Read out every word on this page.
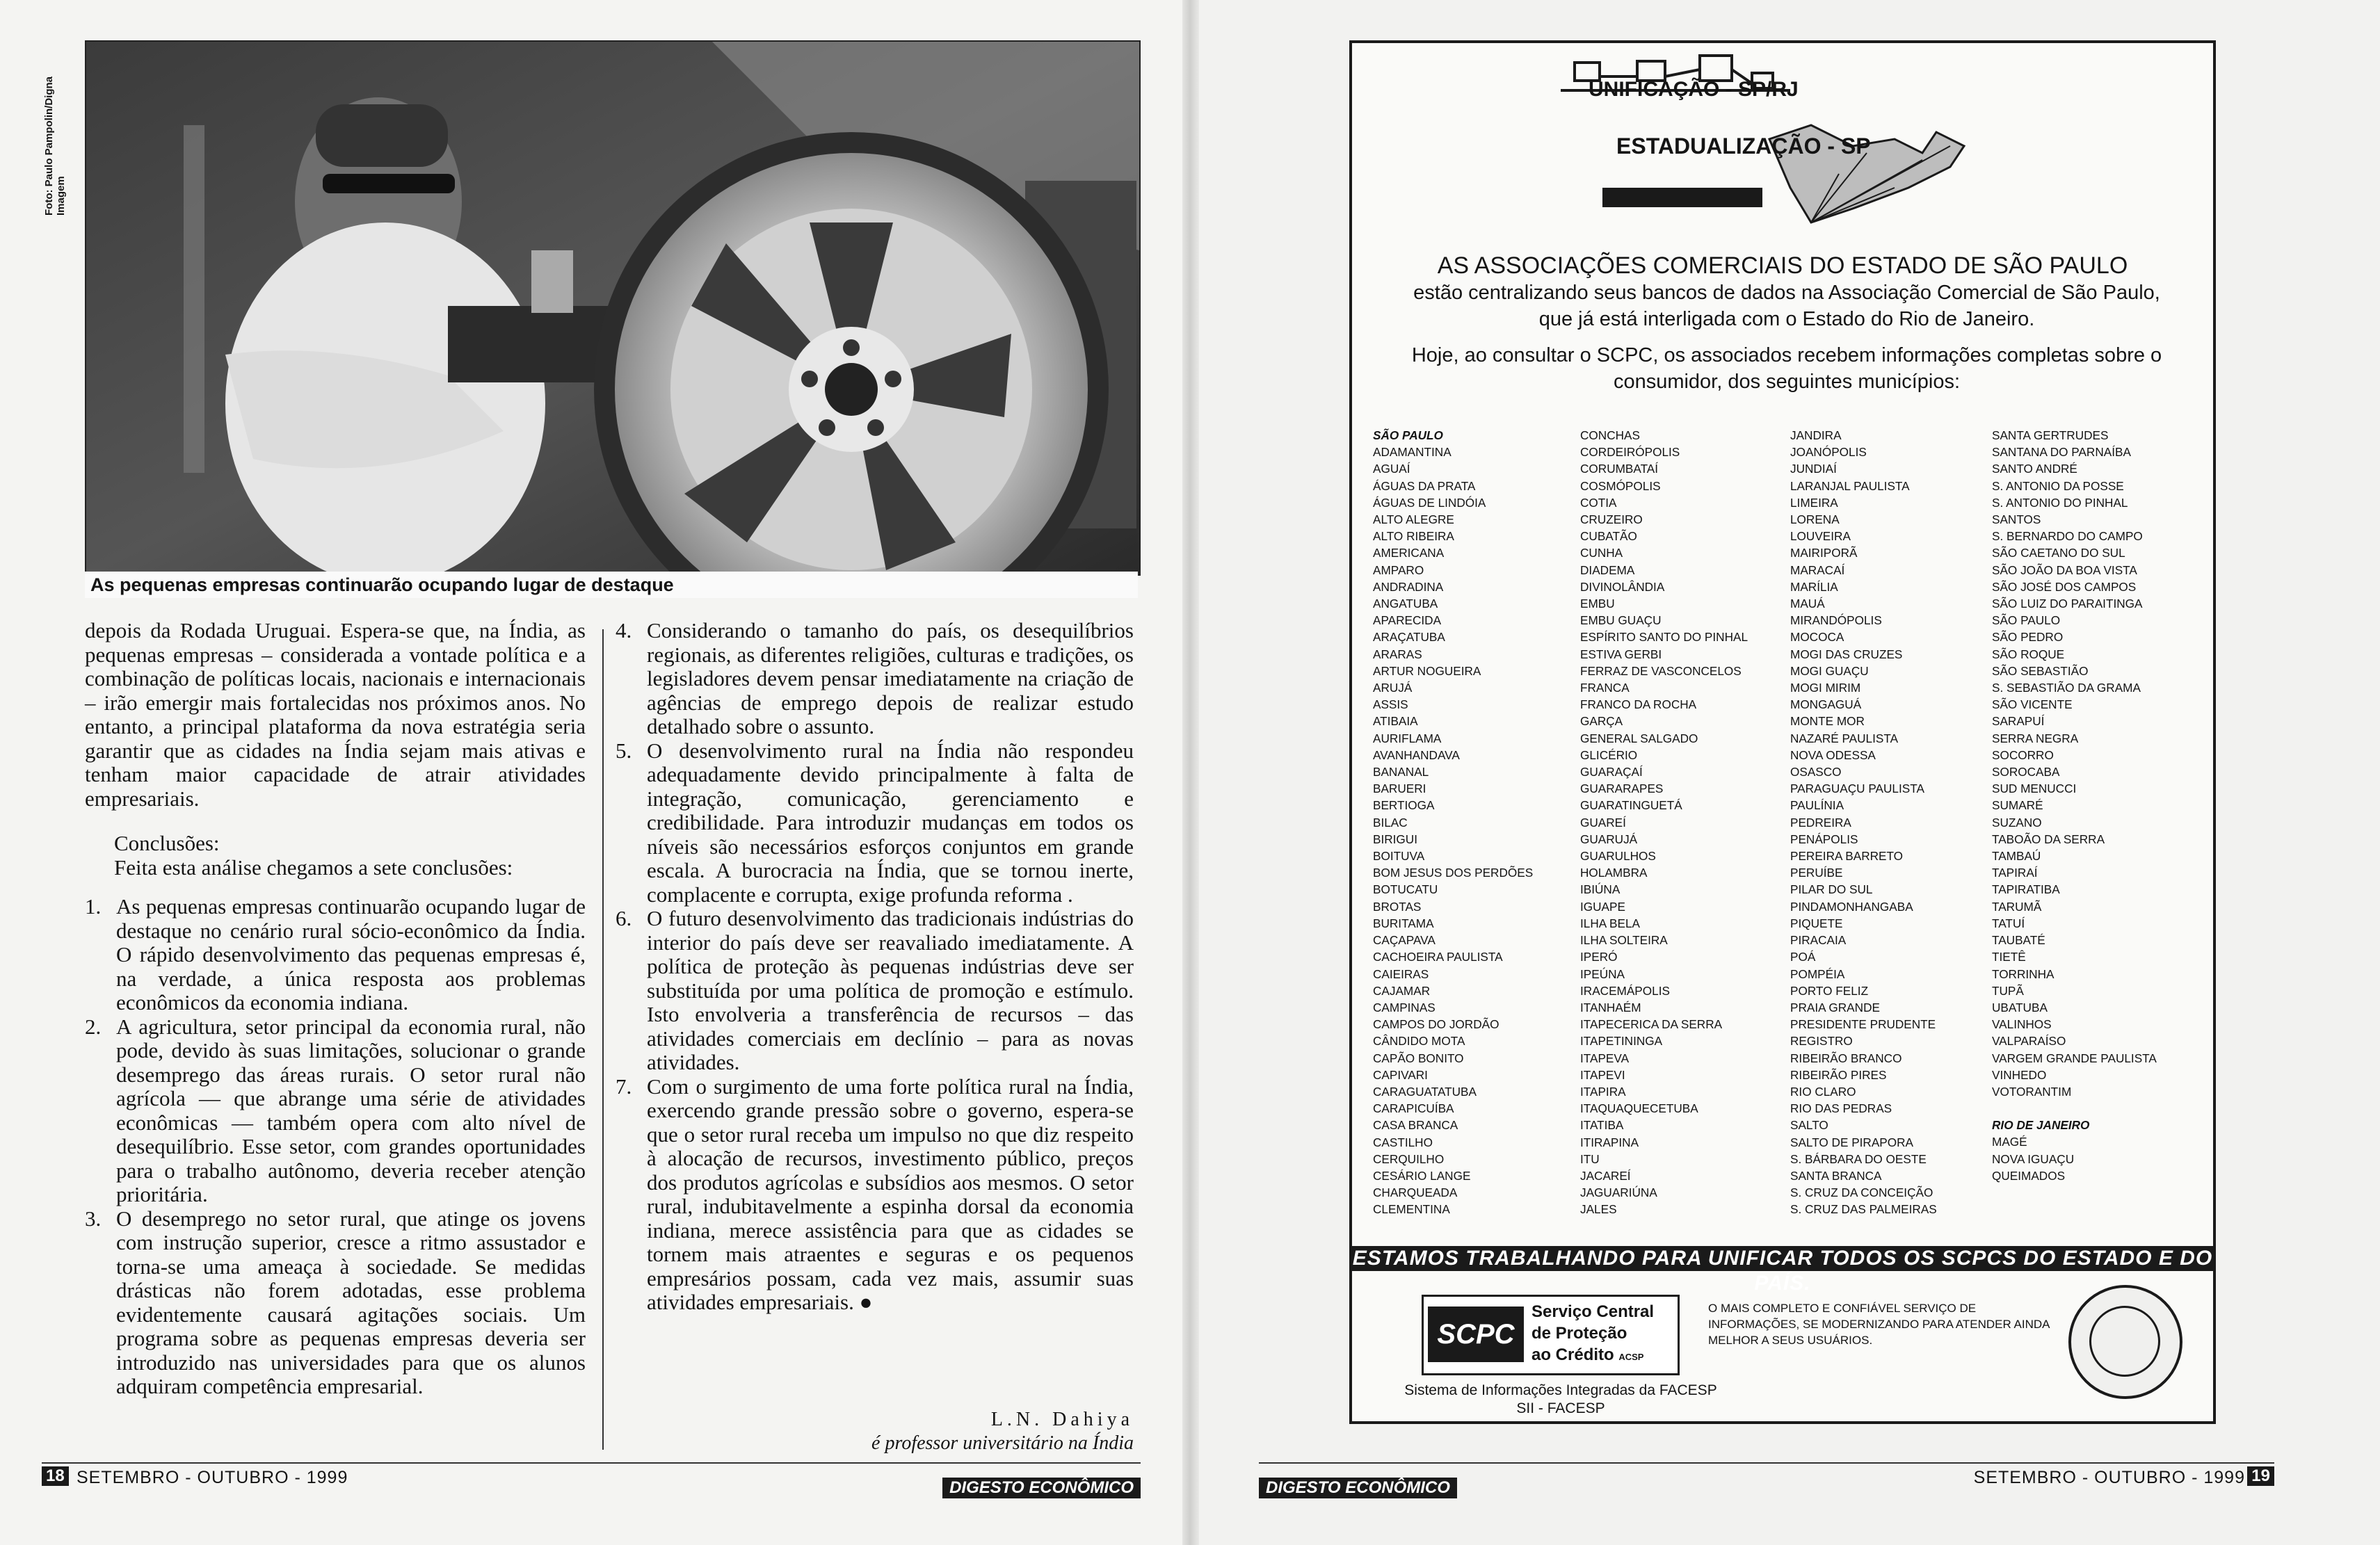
Foto: Paulo Pampolin/Digna Imagem
As pequenas empresas continuarão ocupando lugar de destaque
depois da Rodada Uruguai. Espera-se que, na Índia, as pequenas empresas – considerada a vontade política e a combinação de políticas locais, nacionais e internacionais – irão emergir mais fortalecidas nos próximos anos. No entanto, a principal plataforma da nova estratégia seria garantir que as cidades na Índia sejam mais ativas e tenham maior capacidade de atrair atividades empresariais.
Conclusões:
Feita esta análise chegamos a sete conclusões:
1. As pequenas empresas continuarão ocupando lugar de destaque no cenário rural sócio-econômico da Índia. O rápido desenvolvimento das pequenas empresas é, na verdade, a única resposta aos problemas econômicos da economia indiana.
2. A agricultura, setor principal da economia rural, não pode, devido às suas limitações, solucionar o grande desemprego das áreas rurais. O setor rural não agrícola — que abrange uma série de atividades econômicas — também opera com alto nível de desequilíbrio. Esse setor, com grandes oportunidades para o trabalho autônomo, deveria receber atenção prioritária.
3. O desemprego no setor rural, que atinge os jovens com instrução superior, cresce a ritmo assustador e torna-se uma ameaça à sociedade. Se medidas drásticas não forem adotadas, esse problema evidentemente causará agitações sociais. Um programa sobre as pequenas empresas deveria ser introduzido nas universidades para que os alunos adquiram competência empresarial.
4. Considerando o tamanho do país, os desequilíbrios regionais, as diferentes religiões, culturas e tradições, os legisladores devem pensar imediatamente na criação de agências de emprego depois de realizar estudo detalhado sobre o assunto.
5. O desenvolvimento rural na Índia não respondeu adequadamente devido principalmente à falta de integração, comunicação, gerenciamento e credibilidade. Para introduzir mudanças em todos os níveis são necessários esforços conjuntos em grande escala. A burocracia na Índia, que se tornou inerte, complacente e corrupta, exige profunda reforma .
6. O futuro desenvolvimento das tradicionais indústrias do interior do país deve ser reavaliado imediatamente. A política de proteção às pequenas indústrias deve ser substituída por uma política de promoção e estímulo. Isto envolveria a transferência de recursos – das atividades comerciais em declínio – para as novas atividades.
7. Com o surgimento de uma forte política rural na Índia, exercendo grande pressão sobre o governo, espera-se que o setor rural receba um impulso no que diz respeito à alocação de recursos, investimento público, preços dos produtos agrícolas e subsídios aos mesmos. O setor rural, indubitavelmente a espinha dorsal da economia indiana, merece assistência para que as cidades se tornem mais atraentes e seguras e os pequenos empresários possam, cada vez mais, assumir suas atividades empresariais. ●
L.N. Dahiya
é professor universitário na Índia
18 SETEMBRO - OUTUBRO - 1999
DIGESTO ECONÔMICO
UNIFICAÇÃO - SP/RJ
ESTADUALIZAÇÃO - SP
AS ASSOCIAÇÕES COMERCIAIS DO ESTADO DE SÃO PAULO
estão centralizando seus bancos de dados na Associação Comercial de São Paulo, que já está interligada com o Estado do Rio de Janeiro.
Hoje, ao consultar o SCPC, os associados recebem informações completas sobre o consumidor, dos seguintes municípios:
SÃO PAULO
ADAMANTINA
AGUAÍ
ÁGUAS DA PRATA
ÁGUAS DE LINDÓIA
ALTO ALEGRE
ALTO RIBEIRA
AMERICANA
AMPARO
ANDRADINA
ANGATUBA
APARECIDA
ARAÇATUBA
ARARAS
ARTUR NOGUEIRA
ARUJÁ
ASSIS
ATIBAIA
AURIFLAMA
AVANHANDAVA
BANANAL
BARUERI
BERTIOGA
BILAC
BIRIGUI
BOITUVA
BOM JESUS DOS PERDÕES
BOTUCATU
BROTAS
BURITAMA
CAÇAPAVA
CACHOEIRA PAULISTA
CAIEIRAS
CAJAMAR
CAMPINAS
CAMPOS DO JORDÃO
CÂNDIDO MOTA
CAPÃO BONITO
CAPIVARI
CARAGUATATUBA
CARAPICUÍBA
CASA BRANCA
CASTILHO
CERQUILHO
CESÁRIO LANGE
CHARQUEADA
CLEMENTINA
CONCHAS
CORDEIRÓPOLIS
CORUMBATAÍ
COSMÓPOLIS
COTIA
CRUZEIRO
CUBATÃO
CUNHA
DIADEMA
DIVINOLÂNDIA
EMBU
EMBU GUAÇU
ESPÍRITO SANTO DO PINHAL
ESTIVA GERBI
FERRAZ DE VASCONCELOS
FRANCA
FRANCO DA ROCHA
GARÇA
GENERAL SALGADO
GLICÉRIO
GUARAÇAÍ
GUARARAPES
GUARATINGUETÁ
GUAREÍ
GUARUJÁ
GUARULHOS
HOLAMBRA
IBIÚNA
IGUAPE
ILHA BELA
ILHA SOLTEIRA
IPERÓ
IPEÚNA
IRACEMÁPOLIS
ITANHAÉM
ITAPECERICA DA SERRA
ITAPETININGA
ITAPEVA
ITAPEVI
ITAPIRA
ITAQUAQUECETUBA
ITATIBA
ITIRAPINA
ITU
JACAREÍ
JAGUARIÚNA
JALES
JANDIRA
JOANÓPOLIS
JUNDIAÍ
LARANJAL PAULISTA
LIMEIRA
LORENA
LOUVEIRA
MAIRIPORÃ
MARACAÍ
MARÍLIA
MAUÁ
MIRANDÓPOLIS
MOCOCA
MOGI DAS CRUZES
MOGI GUAÇU
MOGI MIRIM
MONGAGUÁ
MONTE MOR
NAZARÉ PAULISTA
NOVA ODESSA
OSASCO
PARAGUAÇU PAULISTA
PAULÍNIA
PEDREIRA
PENÁPOLIS
PEREIRA BARRETO
PERUÍBE
PILAR DO SUL
PINDAMONHANGABA
PIQUETE
PIRACAIA
POÁ
POMPÉIA
PORTO FELIZ
PRAIA GRANDE
PRESIDENTE PRUDENTE
REGISTRO
RIBEIRÃO BRANCO
RIBEIRÃO PIRES
RIO CLARO
RIO DAS PEDRAS
SALTO
SALTO DE PIRAPORA
S. BÁRBARA DO OESTE
SANTA BRANCA
S. CRUZ DA CONCEIÇÃO
S. CRUZ DAS PALMEIRAS
SANTA GERTRUDES
SANTANA DO PARNAÍBA
SANTO ANDRÉ
S. ANTONIO DA POSSE
S. ANTONIO DO PINHAL
SANTOS
S. BERNARDO DO CAMPO
SÃO CAETANO DO SUL
SÃO JOÃO DA BOA VISTA
SÃO JOSÉ DOS CAMPOS
SÃO LUIZ DO PARAITINGA
SÃO PAULO
SÃO PEDRO
SÃO ROQUE
SÃO SEBASTIÃO
S. SEBASTIÃO DA GRAMA
SÃO VICENTE
SARAPUÍ
SERRA NEGRA
SOCORRO
SOROCABA
SUD MENUCCI
SUMARÉ
SUZANO
TABOÃO DA SERRA
TAMBAÚ
TAPIRAÍ
TAPIRATIBA
TARUMÃ
TATUÍ
TAUBATÉ
TIETÊ
TORRINHA
TUPÃ
UBATUBA
VALINHOS
VALPARAÍSO
VARGEM GRANDE PAULISTA
VINHEDO
VOTORANTIM
RIO DE JANEIRO
MAGÉ
NOVA IGUAÇU
QUEIMADOS
ESTAMOS TRABALHANDO PARA UNIFICAR TODOS OS SCPCS DO ESTADO E DO PAÍS.
SCPC
Serviço Central
de Proteção
ao Crédito ACSP
O MAIS COMPLETO E CONFIÁVEL SERVIÇO DE INFORMAÇÕES, SE MODERNIZANDO PARA ATENDER AINDA MELHOR A SEUS USUÁRIOS.
Sistema de Informações Integradas da FACESP
SII - FACESP
DIGESTO ECONÔMICO
SETEMBRO - OUTUBRO - 1999 19
